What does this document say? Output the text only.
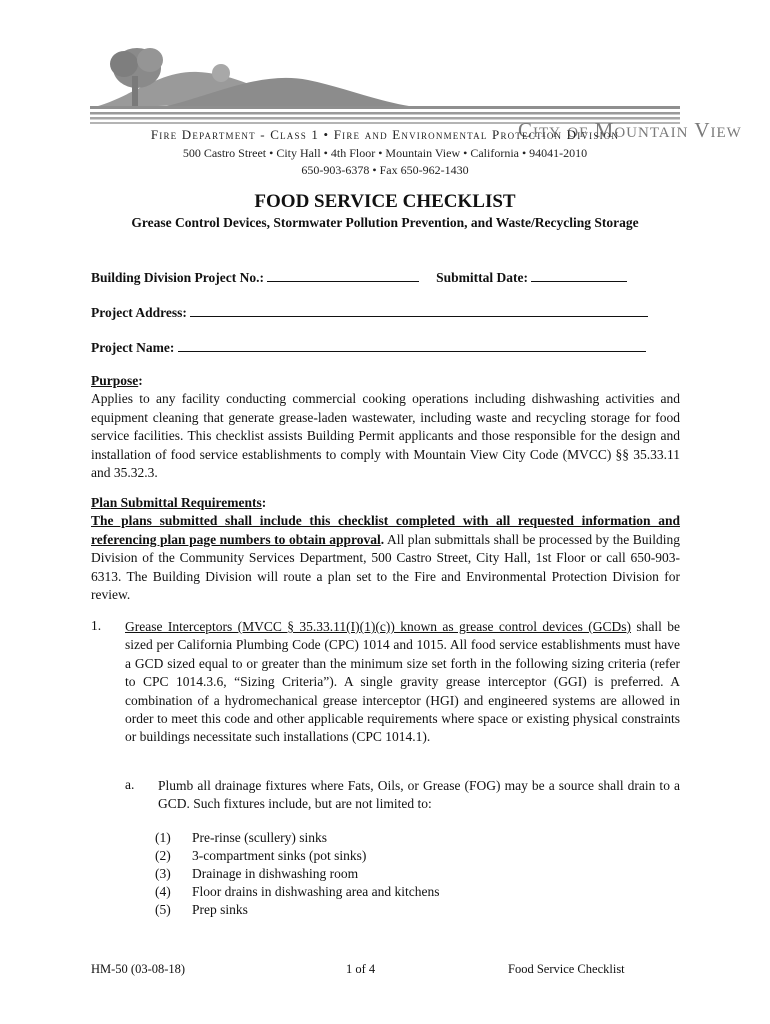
City of Mountain View
Fire Department - Class 1 • Fire and Environmental Protection Division
500 Castro Street • City Hall • 4th Floor • Mountain View • California • 94041-2010
650-903-6378 • Fax 650-962-1430
FOOD SERVICE CHECKLIST
Grease Control Devices, Stormwater Pollution Prevention, and Waste/Recycling Storage
Building Division Project No.:	Submittal Date:
Project Address:
Project Name:

Purpose:

Applies to any facility conducting commercial cooking operations including dishwashing activities and equipment cleaning that generate grease-laden wastewater, including waste and recycling storage for food service facilities. This checklist assists Building Permit applicants and those responsible for the design and installation of food service establishments to comply with Mountain View City Code (MVCC) §§ 35.33.11 and 35.32.3.

Plan Submittal Requirements:

The plans submitted shall include this checklist completed with all requested information and referencing plan page numbers to obtain approval. All plan submittals shall be processed by the Building Division of the Community Services Department, 500 Castro Street, City Hall, 1st Floor or call 650-903-6313. The Building Division will route a plan set to the Fire and Environmental Protection Division for review.

1. Grease Interceptors (MVCC § 35.33.11(I)(1)(c)) known as grease control devices (GCDs) shall be sized per California Plumbing Code (CPC) 1014 and 1015. All food service establishments must have a GCD sized equal to or greater than the minimum size set forth in the following sizing criteria (refer to CPC 1014.3.6, “Sizing Criteria”). A single gravity grease interceptor (GGI) is preferred. A combination of a hydromechanical grease interceptor (HGI) and engineered systems are allowed in order to meet this code and other applicable requirements where space or existing physical constraints or buildings necessitate such installations (CPC 1014.1).
a. Plumb all drainage fixtures where Fats, Oils, or Grease (FOG) may be a source shall drain to a GCD. Such fixtures include, but are not limited to:
(1)	Pre-rinse (scullery) sinks
(2)	3-compartment sinks (pot sinks)
(3)	Drainage in dishwashing room
(4)	Floor drains in dishwashing area and kitchens
(5)	Prep sinks
HM-50 (03-08-18)	1 of 4	Food Service Checklist
